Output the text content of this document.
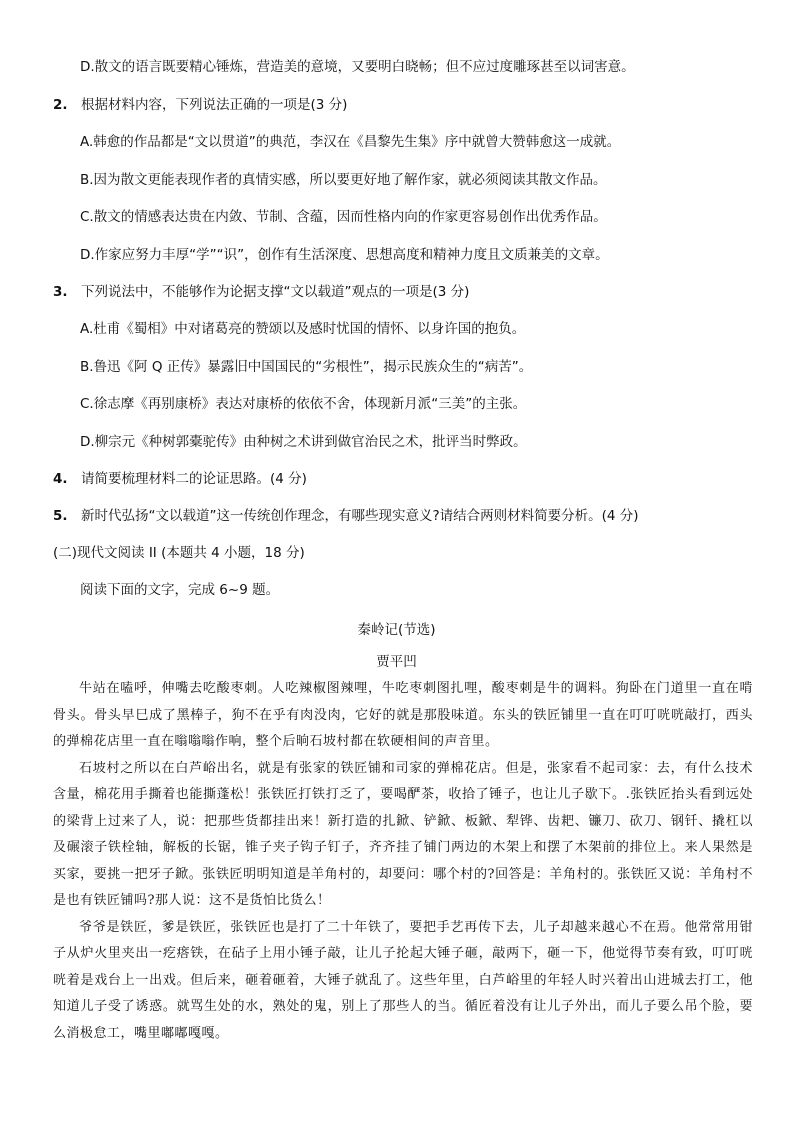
D.散文的语言既要精心锤炼，营造美的意境，又要明白晓畅；但不应过度雕琢甚至以词害意。
2. 根据材料内容，下列说法正确的一项是(3 分)
A.韩愈的作品都是“文以贯道”的典范，李汉在《昌黎先生集》序中就曾大赞韩愈这一成就。
B.因为散文更能表现作者的真情实感，所以要更好地了解作家，就必须阅读其散文作品。
C.散文的情感表达贵在内敛、节制、含蕴，因而性格内向的作家更容易创作出优秀作品。
D.作家应努力丰厚“学”“识”，创作有生活深度、思想高度和精神力度且文质兼美的文章。
3. 下列说法中，不能够作为论据支撑“文以载道”观点的一项是(3 分)
A.杜甫《蜀相》中对诸葛亮的赞颂以及感时忧国的情怀、以身许国的抱负。
B.鲁迅《阿 Q 正传》暴露旧中国国民的“劣根性”，揭示民族众生的“病苦”。
C.徐志摩《再别康桥》表达对康桥的依依不舍，体现新月派“三美”的主张。
D.柳宗元《种树郭橐驼传》由种树之术讲到做官治民之术，批评当时弊政。
4. 请简要梳理材料二的论证思路。(4 分)
5. 新时代弘扬“文以载道”这一传统创作理念，有哪些现实意义?请结合两则材料简要分析。(4 分)
(二)现代文阅读 II (本题共 4 小题，18 分)
阅读下面的文字，完成 6~9 题。
秦岭记(节选)
贾平凹

牛站在嗑呼，伸嘴去吃酸枣刺。人吃辣椒图辣哩，牛吃枣刺图扎哩，酸枣刺是牛的调料。狗卧在门道里一直在啃骨头。骨头早巳成了黑棒子，狗不在乎有肉没肉，它好的就是那股味道。东头的铁匠铺里一直在叮叮咣咣敲打，西头的弹棉花店里一直在嗡嗡嗡作响，整个后晌石坡村都在软硬相间的声音里。

石坡村之所以在白芦峪出名，就是有张家的铁匠铺和司家的弹棉花店。但是，张家看不起司家：去，有什么技术含量，棉花用手撕着也能撕蓬松！张铁匠打铁打乏了，要喝酽茶，收拾了锤子，也让儿子歇下。.张铁匠抬头看到远处的梁背上过来了人，说：把那些货都挂出来！新打造的扎鍁、铲鍁、板鍁、犁铧、齿耙、镰刀、砍刀、钢钎、撬杠以及碾滚子铁栓轴，解板的长锯，锥子夹子钩子钉子，齐齐挂了铺门两边的木架上和摆了木架前的排位上。来人果然是买家，要挑一把牙子鍁。张铁匠明明知道是羊角村的，却要问：哪个村的?回答是：羊角村的。张铁匠又说：羊角村不是也有铁匠铺吗?那人说：这不是货怕比货么！

爷爷是铁匠，爹是铁匠，张铁匠也是打了二十年铁了，要把手艺再传下去，儿子却越来越心不在焉。他常常用钳子从炉火里夹出一疙瘩铁，在砧子上用小锤子敲，让儿子抡起大锤子砸，敲两下，砸一下，他觉得节奏有致，叮叮咣咣着是戏台上一出戏。但后来，砸着砸着，大锤子就乱了。这些年里，白芦峪里的年轻人时兴着出山进城去打工，他知道儿子受了诱惑。就骂生处的水，熟处的鬼，别上了那些人的当。循匠着没有让儿子外出，而儿子要么吊个脸，要么消极怠工，嘴里嘟嘟嘎嘎。
